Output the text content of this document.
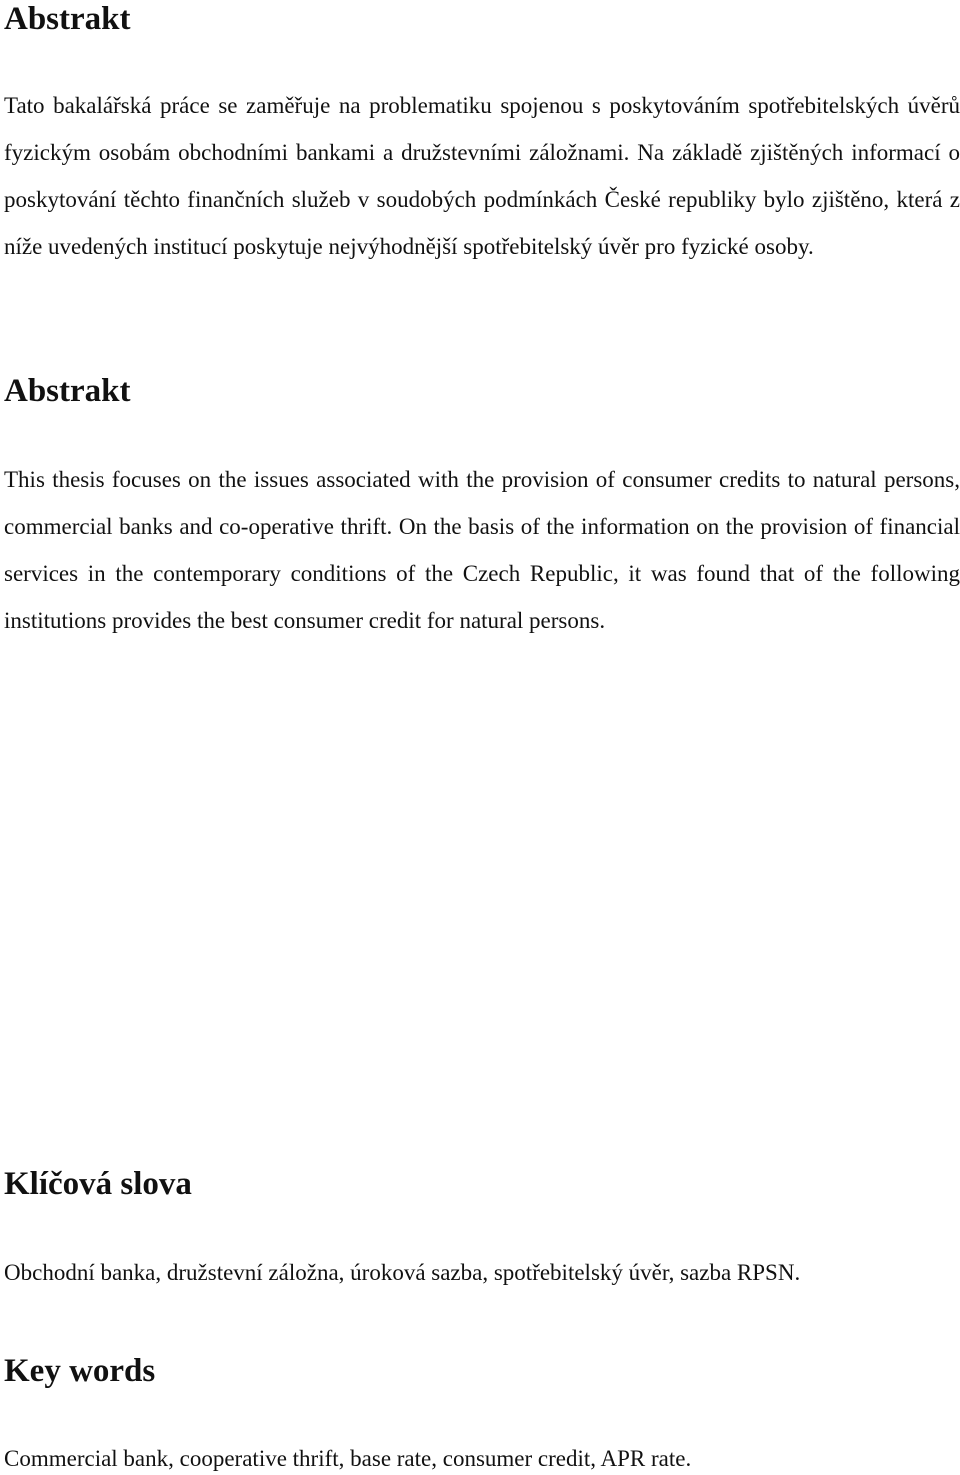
Abstrakt

Tato bakalářská práce se zaměřuje na problematiku spojenou s poskytováním spotřebitelských úvěrů fyzickým osobám obchodními bankami a družstevními záložnami. Na základě zjištěných informací o poskytování těchto finančních služeb v soudobých podmínkách České republiky bylo zjištěno, která z níže uvedených institucí poskytuje nejvýhodnější spotřebitelský úvěr pro fyzické osoby.

Abstrakt

This thesis focuses on the issues associated with the provision of consumer credits to natural persons, commercial banks and co-operative thrift. On the basis of the information on the provision of financial services in the contemporary conditions of the Czech Republic, it was found that of the following institutions provides the best consumer credit for natural persons.

Klíčová slova

Obchodní banka, družstevní záložna, úroková sazba, spotřebitelský úvěr, sazba RPSN.

Key words

Commercial bank, cooperative thrift, base rate, consumer credit, APR rate.
